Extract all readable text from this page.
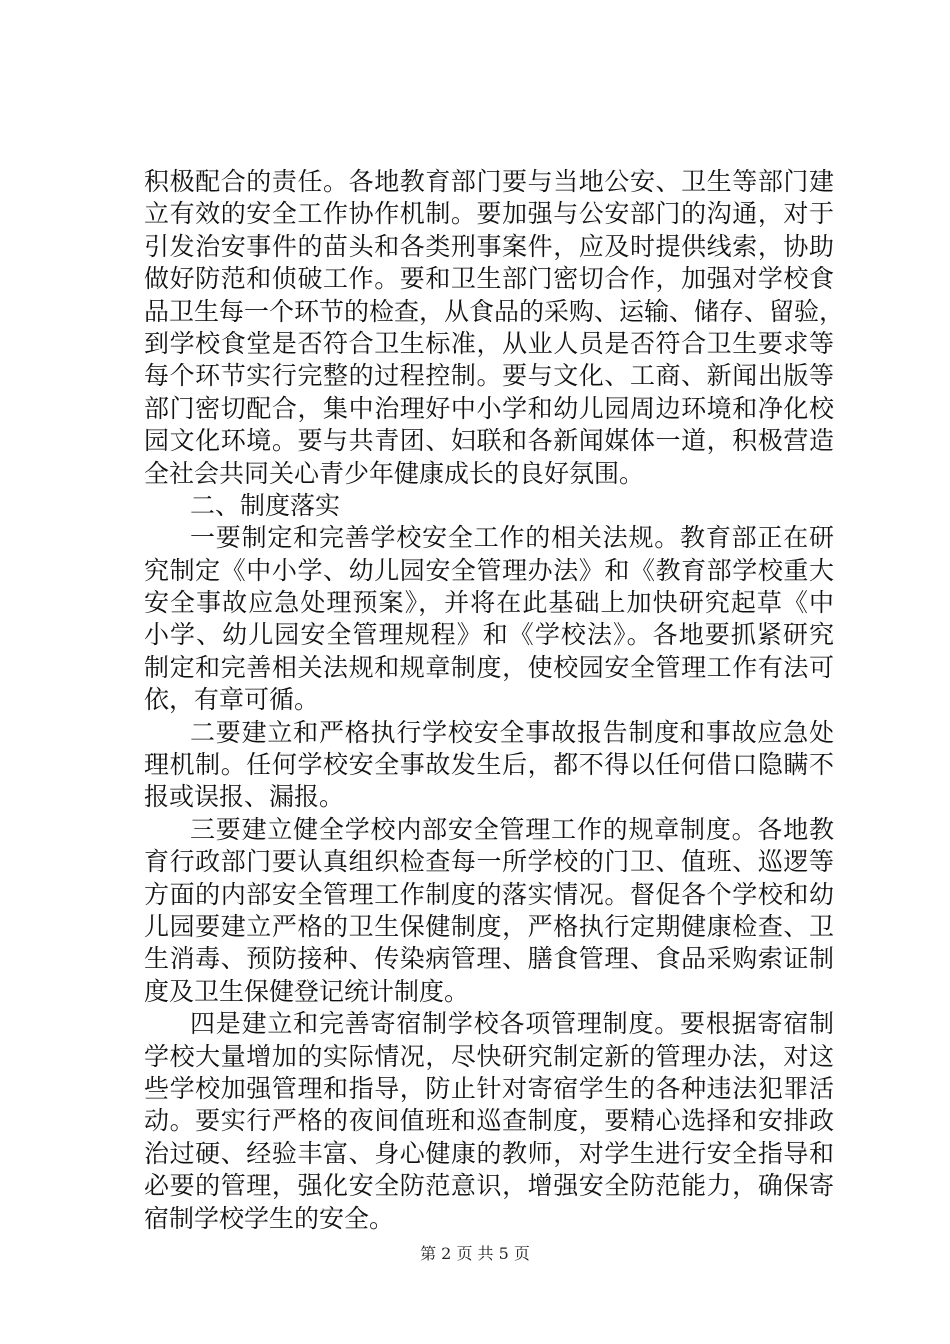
积极配合的责任。各地教育部门要与当地公安、卫生等部门建
立有效的安全工作协作机制。要加强与公安部门的沟通，对于
引发治安事件的苗头和各类刑事案件，应及时提供线索，协助
做好防范和侦破工作。要和卫生部门密切合作，加强对学校食
品卫生每一个环节的检查，从食品的采购、运输、储存、留验，
到学校食堂是否符合卫生标准，从业人员是否符合卫生要求等
每个环节实行完整的过程控制。要与文化、工商、新闻出版等
部门密切配合，集中治理好中小学和幼儿园周边环境和净化校
园文化环境。要与共青团、妇联和各新闻媒体一道，积极营造
全社会共同关心青少年健康成长的良好氛围。
二、制度落实
一要制定和完善学校安全工作的相关法规。教育部正在研
究制定《中小学、幼儿园安全管理办法》和《教育部学校重大
安全事故应急处理预案》，并将在此基础上加快研究起草《中
小学、幼儿园安全管理规程》和《学校法》。各地要抓紧研究
制定和完善相关法规和规章制度，使校园安全管理工作有法可
依，有章可循。
二要建立和严格执行学校安全事故报告制度和事故应急处
理机制。任何学校安全事故发生后，都不得以任何借口隐瞒不
报或误报、漏报。
三要建立健全学校内部安全管理工作的规章制度。各地教
育行政部门要认真组织检查每一所学校的门卫、值班、巡逻等
方面的内部安全管理工作制度的落实情况。督促各个学校和幼
儿园要建立严格的卫生保健制度，严格执行定期健康检查、卫
生消毒、预防接种、传染病管理、膳食管理、食品采购索证制
度及卫生保健登记统计制度。
四是建立和完善寄宿制学校各项管理制度。要根据寄宿制
学校大量增加的实际情况，尽快研究制定新的管理办法，对这
些学校加强管理和指导，防止针对寄宿学生的各种违法犯罪活
动。要实行严格的夜间值班和巡查制度，要精心选择和安排政
治过硬、经验丰富、身心健康的教师，对学生进行安全指导和
必要的管理，强化安全防范意识，增强安全防范能力，确保寄
宿制学校学生的安全。
第 2 页 共 5 页
